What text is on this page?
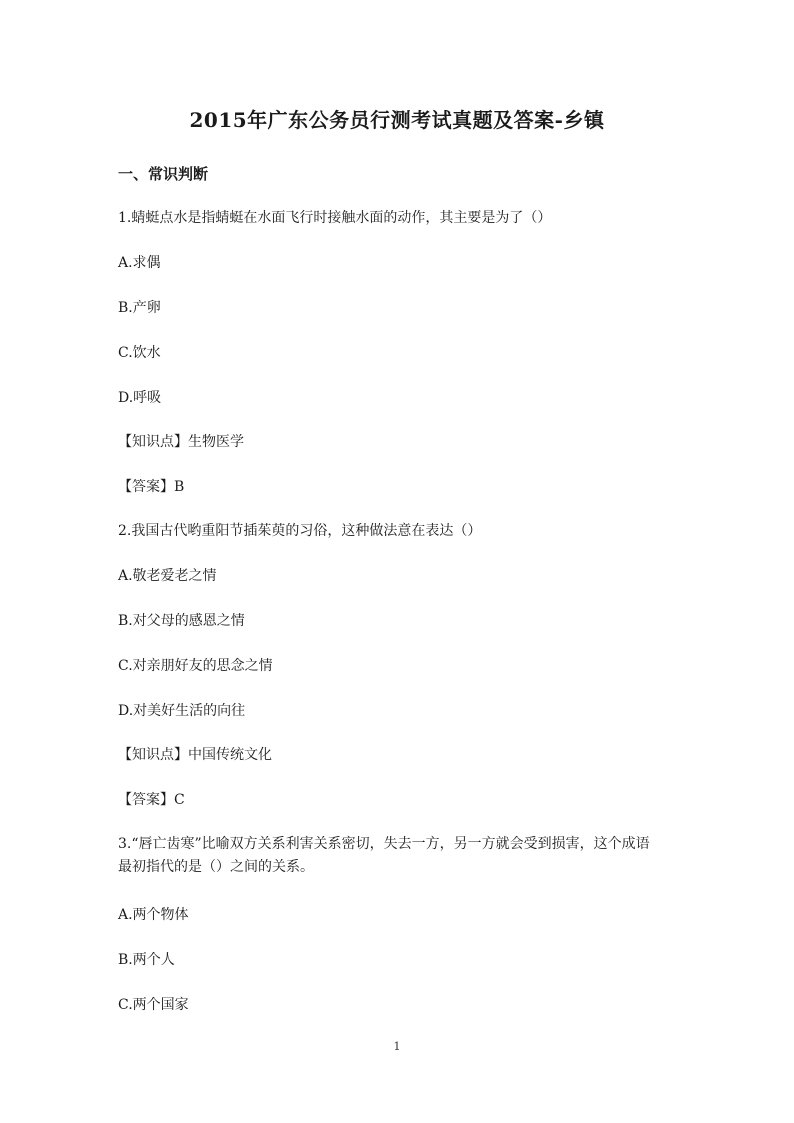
2015年广东公务员行测考试真题及答案-乡镇
一、常识判断
1.蜻蜓点水是指蜻蜓在水面飞行时接触水面的动作，其主要是为了（）
A.求偶
B.产卵
C.饮水
D.呼吸
【知识点】生物医学
【答案】B
2.我国古代哟重阳节插茱萸的习俗，这种做法意在表达（）
A.敬老爱老之情
B.对父母的感恩之情
C.对亲朋好友的思念之情
D.对美好生活的向往
【知识点】中国传统文化
【答案】C
3.“唇亡齿寒”比喻双方关系利害关系密切，失去一方，另一方就会受到损害，这个成语
最初指代的是（）之间的关系。
A.两个物体
B.两个人
C.两个国家
1
